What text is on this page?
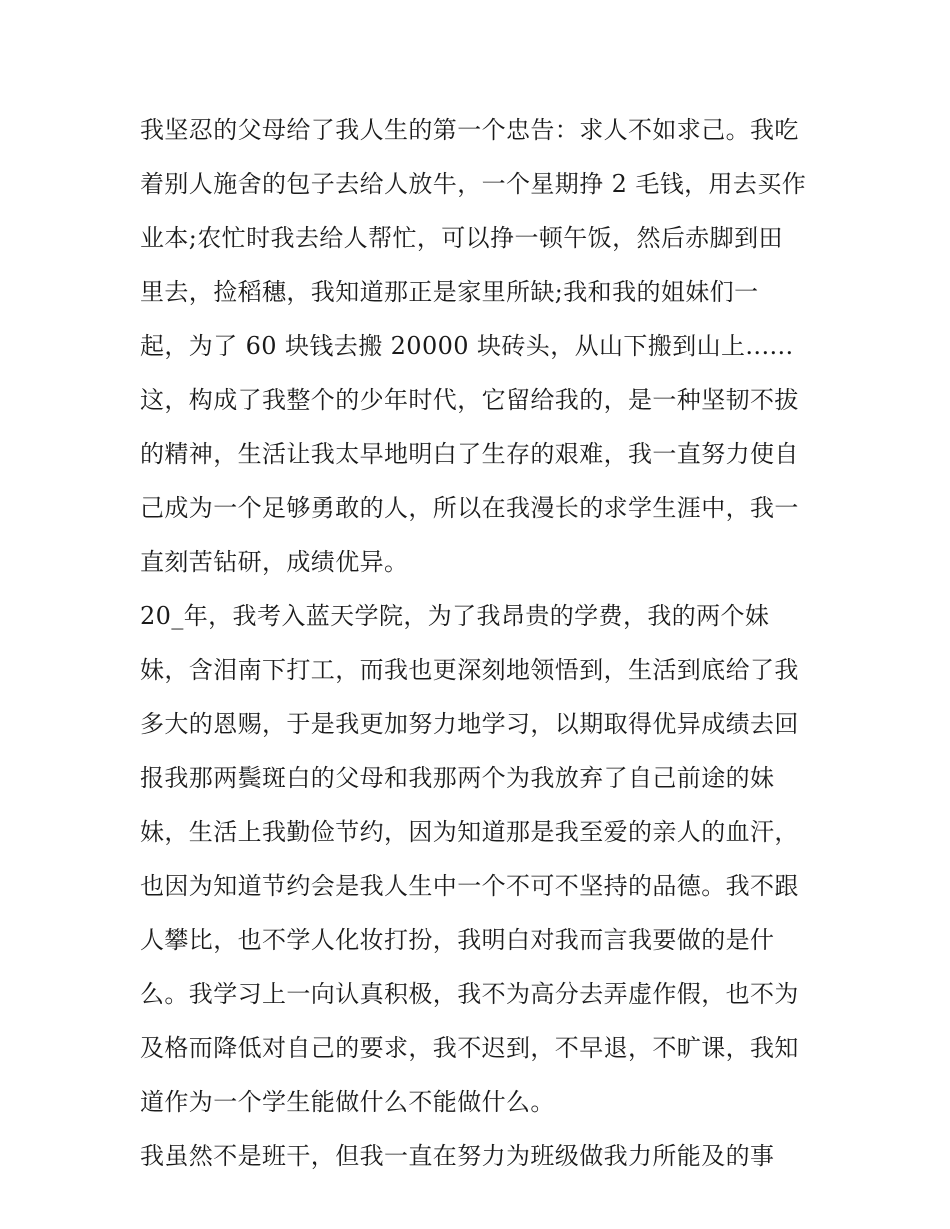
我坚忍的父母给了我人生的第一个忠告：求人不如求己。我吃
着别人施舍的包子去给人放牛，一个星期挣 2 毛钱，用去买作
业本;农忙时我去给人帮忙，可以挣一顿午饭，然后赤脚到田
里去，捡稻穗，我知道那正是家里所缺;我和我的姐妹们一
起，为了 60 块钱去搬 20000 块砖头，从山下搬到山上......
这，构成了我整个的少年时代，它留给我的，是一种坚韧不拔
的精神，生活让我太早地明白了生存的艰难，我一直努力使自
己成为一个足够勇敢的人，所以在我漫长的求学生涯中，我一
直刻苦钻研，成绩优异。
20_年，我考入蓝天学院，为了我昂贵的学费，我的两个妹
妹，含泪南下打工，而我也更深刻地领悟到，生活到底给了我
多大的恩赐，于是我更加努力地学习，以期取得优异成绩去回
报我那两鬓斑白的父母和我那两个为我放弃了自己前途的妹
妹，生活上我勤俭节约，因为知道那是我至爱的亲人的血汗，
也因为知道节约会是我人生中一个不可不坚持的品德。我不跟
人攀比，也不学人化妆打扮，我明白对我而言我要做的是什
么。我学习上一向认真积极，我不为高分去弄虚作假，也不为
及格而降低对自己的要求，我不迟到，不早退，不旷课，我知
道作为一个学生能做什么不能做什么。
我虽然不是班干，但我一直在努力为班级做我力所能及的事
